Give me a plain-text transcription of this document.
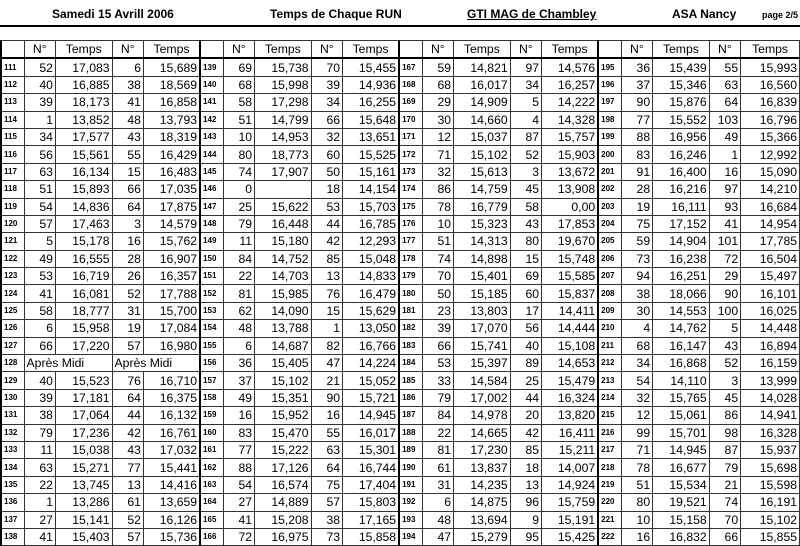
Samedi 15 Avrill 2006	Temps de Chaque RUN	GTI MAG de Chambley	ASA Nancy	page 2/5
	N°	Temps	N°	Temps		N°	Temps	N°	Temps		N°	Temps	N°	Temps		N°	Temps	N°	Temps
111	52	17,083	6	15,689	139	69	15,738	70	15,455	167	59	14,821	97	14,576	195	36	15,439	55	15,993
112	40	16,885	38	18,569	140	68	15,998	39	14,936	168	68	16,017	34	16,257	196	37	15,346	63	16,560
113	39	18,173	41	16,858	141	58	17,298	34	16,255	169	29	14,909	5	14,222	197	90	15,876	64	16,839
114	1	13,852	48	13,793	142	51	14,799	66	15,648	170	30	14,660	4	14,328	198	77	15,552	103	16,796
115	34	17,577	43	18,319	143	10	14,953	32	13,651	171	12	15,037	87	15,757	199	88	16,956	49	15,366
116	56	15,561	55	16,429	144	80	18,773	60	15,525	172	71	15,102	52	15,903	200	83	16,246	1	12,992
117	63	16,134	15	16,483	145	74	17,907	50	15,161	173	32	15,613	3	13,672	201	91	16,400	16	15,090
118	51	15,893	66	17,035	146	0		18	14,154	174	86	14,759	45	13,908	202	28	16,216	97	14,210
119	54	14,836	64	17,875	147	25	15,622	53	15,703	175	78	16,779	58	0,00	203	19	16,111	93	16,684
120	57	17,463	3	14,579	148	79	16,448	44	16,785	176	10	15,323	43	17,853	204	75	17,152	41	14,954
121	5	15,178	16	15,762	149	11	15,180	42	12,293	177	51	14,313	80	19,670	205	59	14,904	101	17,785
122	49	16,555	28	16,907	150	84	14,752	85	15,048	178	74	14,898	15	15,748	206	73	16,238	72	16,504
123	53	16,719	26	16,357	151	22	14,703	13	14,833	179	70	15,401	69	15,585	207	94	16,251	29	15,497
124	41	16,081	52	17,788	152	81	15,985	76	16,479	180	50	15,185	60	15,837	208	38	18,066	90	16,101
125	58	18,777	31	15,700	153	62	14,090	15	15,629	181	23	13,803	17	14,411	209	30	14,553	100	16,025
126	6	15,958	19	17,084	154	48	13,788	1	13,050	182	39	17,070	56	14,444	210	4	14,762	5	14,448
127	66	17,220	57	16,980	155	6	14,687	82	16,766	183	66	15,741	40	15,108	211	68	16,147	43	16,894
128	Après Midi		Après Midi		156	36	15,405	47	14,224	184	53	15,397	89	14,653	212	34	16,868	52	16,159
129	40	15,523	76	16,710	157	37	15,102	21	15,052	185	33	14,584	25	15,479	213	54	14,110	3	13,999
130	39	17,181	64	16,375	158	49	15,351	90	15,721	186	79	17,002	44	16,324	214	32	15,765	45	14,028
131	38	17,064	44	16,132	159	16	15,952	16	14,945	187	84	14,978	20	13,820	215	12	15,061	86	14,941
132	79	17,236	42	16,761	160	83	15,470	55	16,017	188	22	14,665	42	16,411	216	99	15,701	98	16,328
133	11	15,038	43	17,032	161	77	15,222	63	15,301	189	81	17,230	85	15,211	217	71	14,945	87	15,937
134	63	15,271	77	15,441	162	88	17,126	64	16,744	190	61	13,837	18	14,007	218	78	16,677	79	15,698
135	22	13,745	13	14,416	163	54	16,574	75	17,404	191	31	14,235	13	14,924	219	51	15,534	21	15,598
136	1	13,286	61	13,659	164	27	14,889	57	15,803	192	6	14,875	96	15,759	220	80	19,521	74	16,191
137	27	15,141	52	16,126	165	41	15,208	38	17,165	193	48	13,694	9	15,191	221	10	15,158	70	15,102
138	41	15,403	57	15,736	166	72	16,975	73	15,858	194	47	15,279	95	15,425	222	16	16,832	66	15,855
